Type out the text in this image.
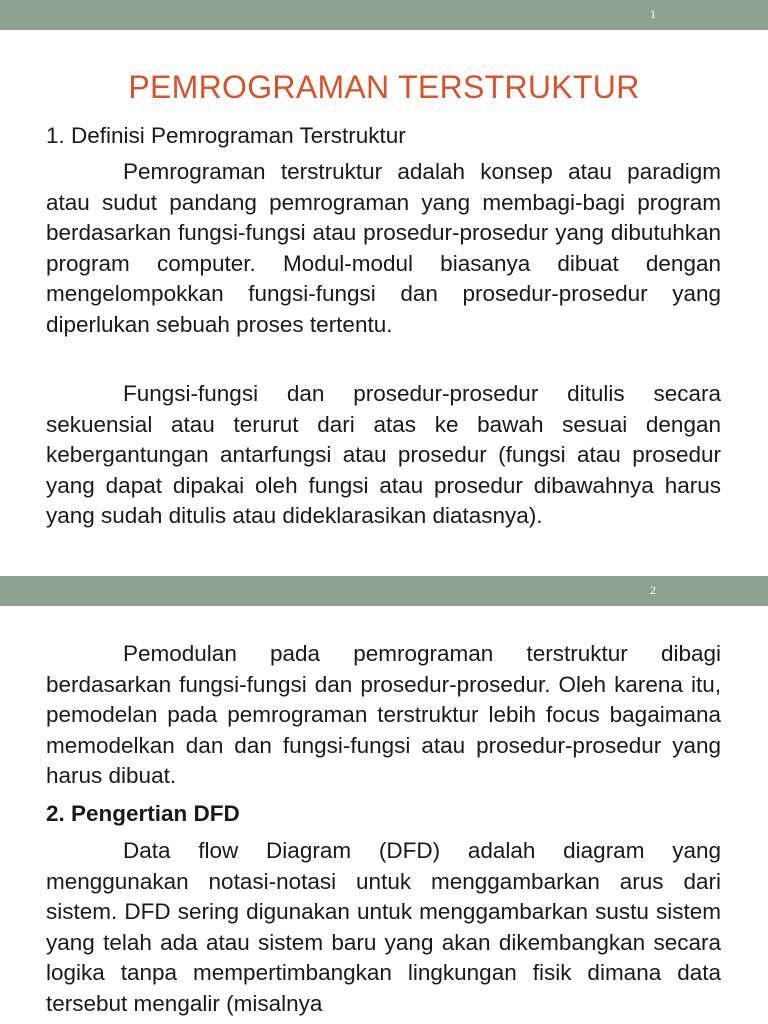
1
PEMROGRAMAN TERSTRUKTUR
1. Definisi Pemrograman Terstruktur

Pemrograman terstruktur adalah konsep atau paradigm atau sudut pandang pemrograman yang membagi-bagi program berdasarkan fungsi-fungsi atau prosedur-prosedur yang dibutuhkan program computer. Modul-modul biasanya dibuat dengan mengelompokkan fungsi-fungsi dan prosedur-prosedur yang diperlukan sebuah proses tertentu.

Fungsi-fungsi dan prosedur-prosedur ditulis secara sekuensial atau terurut dari atas ke bawah sesuai dengan kebergantungan antarfungsi atau prosedur (fungsi atau prosedur yang dapat dipakai oleh fungsi atau prosedur dibawahnya harus yang sudah ditulis atau dideklarasikan diatasnya).

2

Pemodulan pada pemrograman terstruktur dibagi berdasarkan fungsi-fungsi dan prosedur-prosedur. Oleh karena itu, pemodelan pada pemrograman terstruktur lebih focus bagaimana memodelkan dan dan fungsi-fungsi atau prosedur-prosedur yang harus dibuat.

2. Pengertian DFD

Data flow Diagram (DFD) adalah diagram yang menggunakan notasi-notasi untuk menggambarkan arus dari sistem. DFD sering digunakan untuk menggambarkan sustu sistem yang telah ada atau sistem baru yang akan dikembangkan secara logika tanpa mempertimbangkan lingkungan fisik dimana data tersebut mengalir (misalnya
